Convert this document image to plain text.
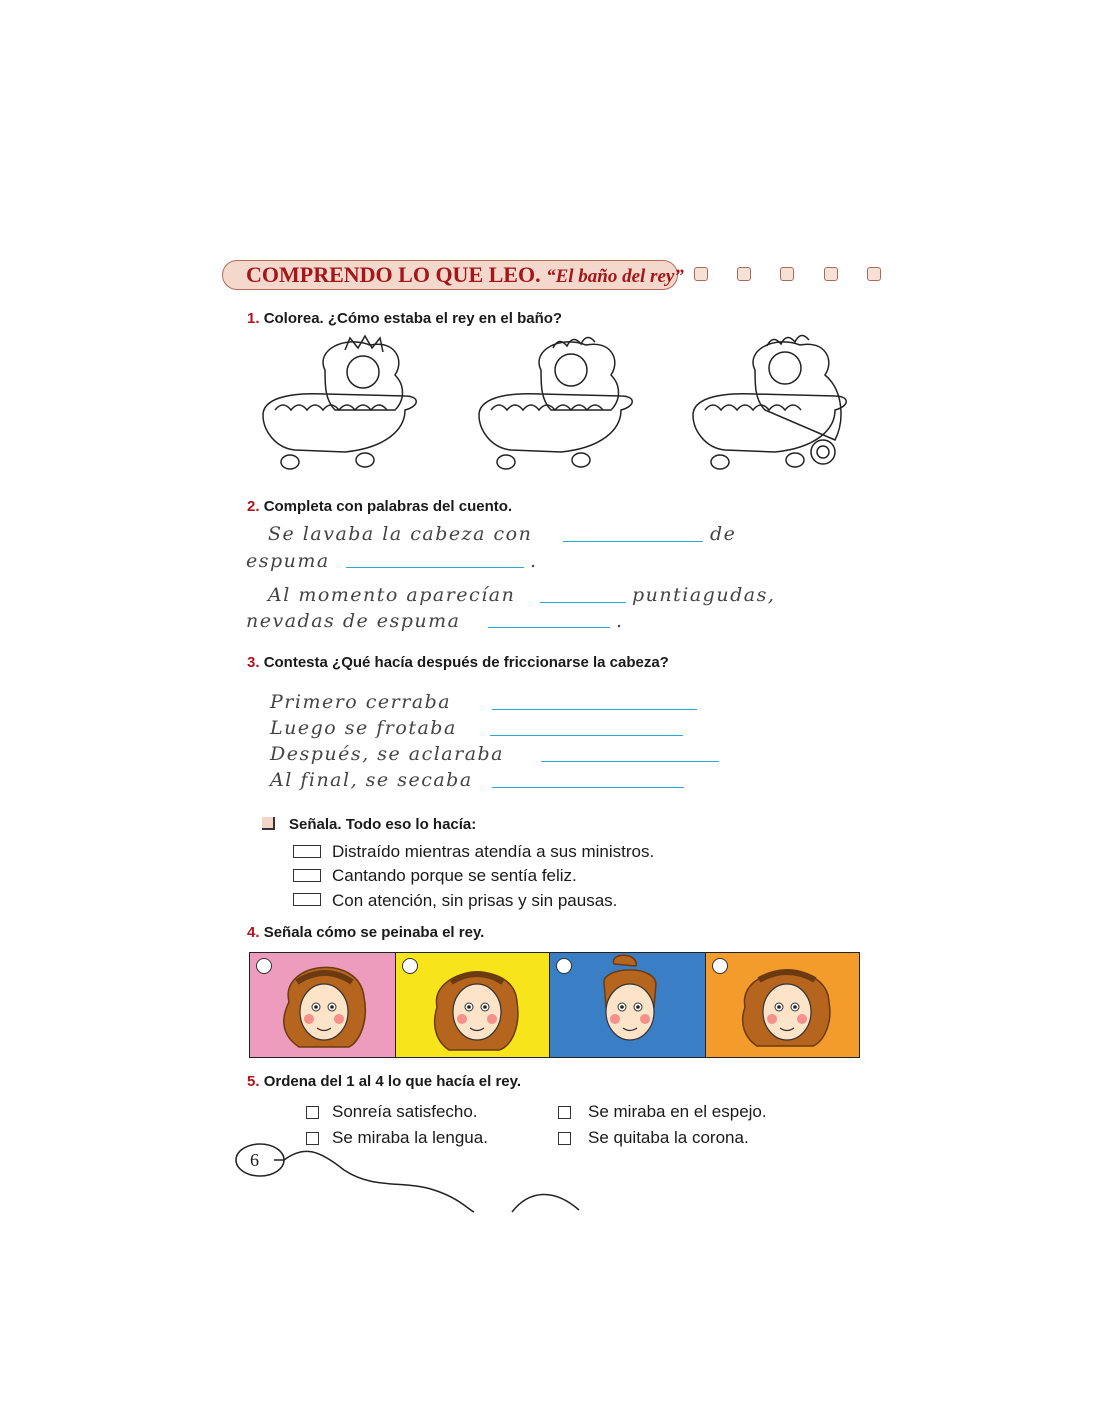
COMPRENDO LO QUE LEO. “El baño del rey”
1. Colorea. ¿Cómo estaba el rey en el baño?
2. Completa con palabras del cuento.
Se lavaba la cabeza con	de
espuma	.
Al momento aparecían	puntiagudas,
nevadas de espuma	.
3. Contesta ¿Qué hacía después de friccionarse la cabeza?
Primero cerraba
Luego se frotaba
Después, se aclaraba
Al final, se secaba
Señala. Todo eso lo hacía:
Distraído mientras atendía a sus ministros.
Cantando porque se sentía feliz.
Con atención, sin prisas y sin pausas.
4. Señala cómo se peinaba el rey.
5. Ordena del 1 al 4 lo que hacía el rey.
Sonreía satisfecho.
Se miraba la lengua.
Se miraba en el espejo.
Se quitaba la corona.
6
